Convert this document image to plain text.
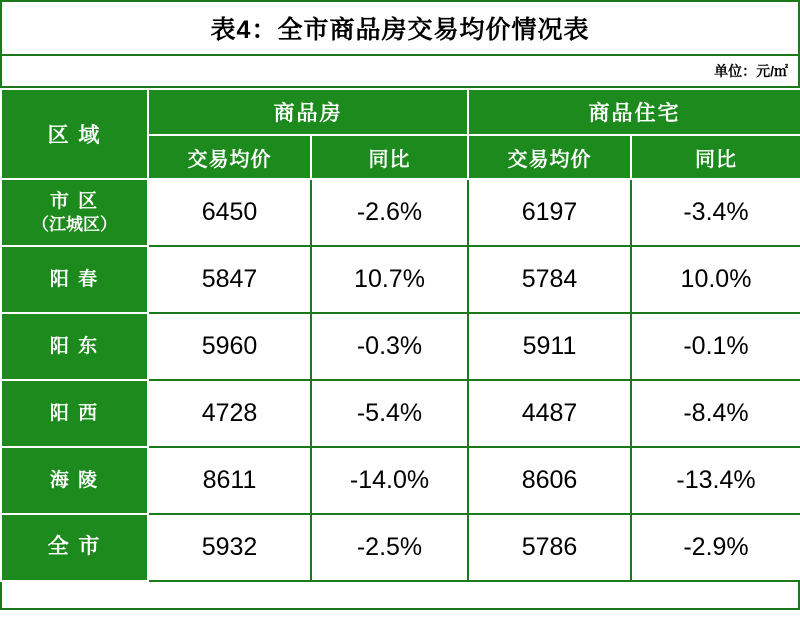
表4：全市商品房交易均价情况表
单位：元/㎡
区 域	商品房		商品住宅	
	交易均价	同比	交易均价	同比
市 区
（江城区）	6450	-2.6%	6197	-3.4%
阳 春	5847	10.7%	5784	10.0%
阳 东	5960	-0.3%	5911	-0.1%
阳 西	4728	-5.4%	4487	-8.4%
海 陵	8611	-14.0%	8606	-13.4%
全 市	5932	-2.5%	5786	-2.9%
